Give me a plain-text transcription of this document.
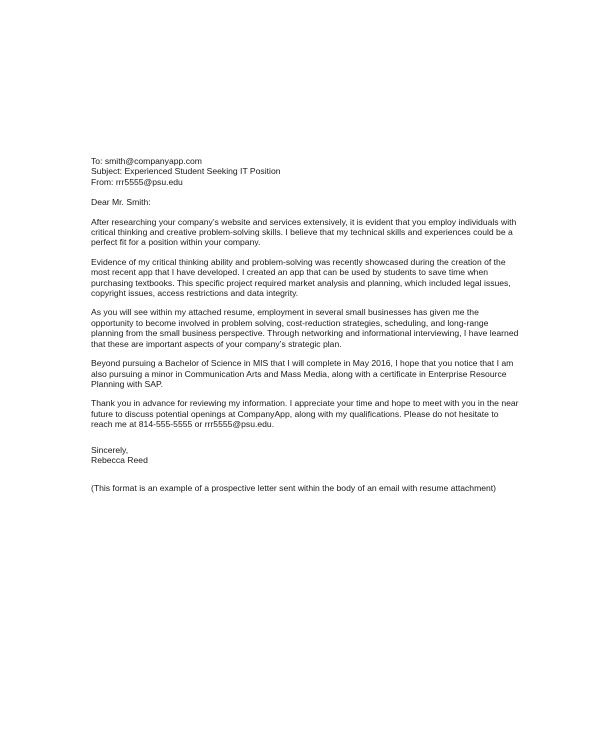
To: smith@companyapp.com
Subject: Experienced Student Seeking IT Position
From: rrr5555@psu.edu

Dear Mr. Smith:

After researching your company’s website and services extensively, it is evident that you employ individuals with critical thinking and creative problem-solving skills. I believe that my technical skills and experiences could be a perfect fit for a position within your company.

Evidence of my critical thinking ability and problem-solving was recently showcased during the creation of the most recent app that I have developed. I created an app that can be used by students to save time when purchasing textbooks. This specific project required market analysis and planning, which included legal issues, copyright issues, access restrictions and data integrity.

As you will see within my attached resume, employment in several small businesses has given me the opportunity to become involved in problem solving, cost-reduction strategies, scheduling, and long-range planning from the small business perspective. Through networking and informational interviewing, I have learned that these are important aspects of your company’s strategic plan.

Beyond pursuing a Bachelor of Science in MIS that I will complete in May 2016, I hope that you notice that I am also pursuing a minor in Communication Arts and Mass Media, along with a certificate in Enterprise Resource Planning with SAP.

Thank you in advance for reviewing my information. I appreciate your time and hope to meet with you in the near future to discuss potential openings at CompanyApp, along with my qualifications. Please do not hesitate to reach me at 814-555-5555 or rrr5555@psu.edu.

Sincerely,
Rebecca Reed

(This format is an example of a prospective letter sent within the body of an email with resume attachment)
